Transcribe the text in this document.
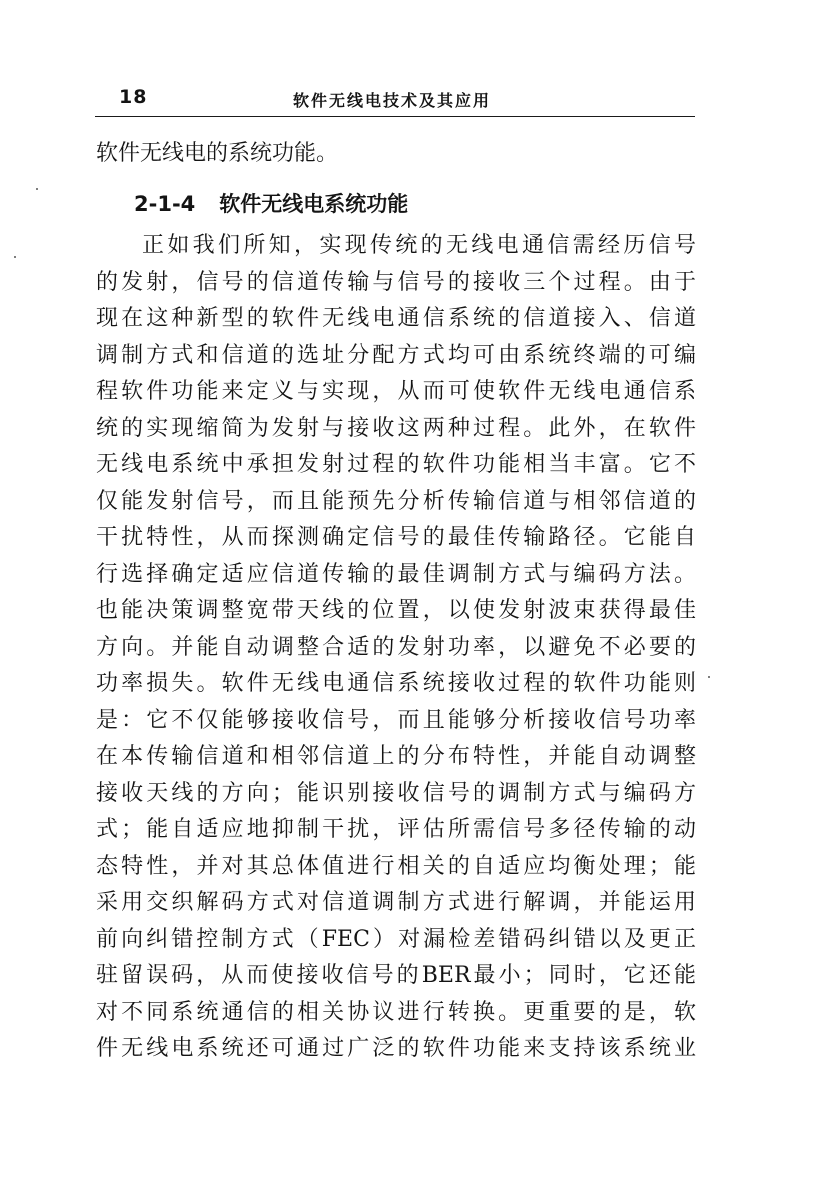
18	软件无线电技术及其应用
软件无线电的系统功能。
2-1-4 软件无线电系统功能
正如我们所知，实现传统的无线电通信需经历信号
的发射，信号的信道传输与信号的接收三个过程。由于
现在这种新型的软件无线电通信系统的信道接入、信道
调制方式和信道的选址分配方式均可由系统终端的可编
程软件功能来定义与实现，从而可使软件无线电通信系
统的实现缩简为发射与接收这两种过程。此外，在软件
无线电系统中承担发射过程的软件功能相当丰富。它不
仅能发射信号，而且能预先分析传输信道与相邻信道的
干扰特性，从而探测确定信号的最佳传输路径。它能自
行选择确定适应信道传输的最佳调制方式与编码方法。
也能决策调整宽带天线的位置，以使发射波束获得最佳
方向。并能自动调整合适的发射功率，以避免不必要的
功率损失。软件无线电通信系统接收过程的软件功能则
是：它不仅能够接收信号，而且能够分析接收信号功率
在本传输信道和相邻信道上的分布特性，并能自动调整
接收天线的方向；能识别接收信号的调制方式与编码方
式；能自适应地抑制干扰，评估所需信号多径传输的动
态特性，并对其总体值进行相关的自适应均衡处理；能
采用交织解码方式对信道调制方式进行解调，并能运用
前向纠错控制方式（FEC）对漏检差错码纠错以及更正
驻留误码，从而使接收信号的BER最小；同时，它还能
对不同系统通信的相关协议进行转换。更重要的是，软
件无线电系统还可通过广泛的软件功能来支持该系统业
